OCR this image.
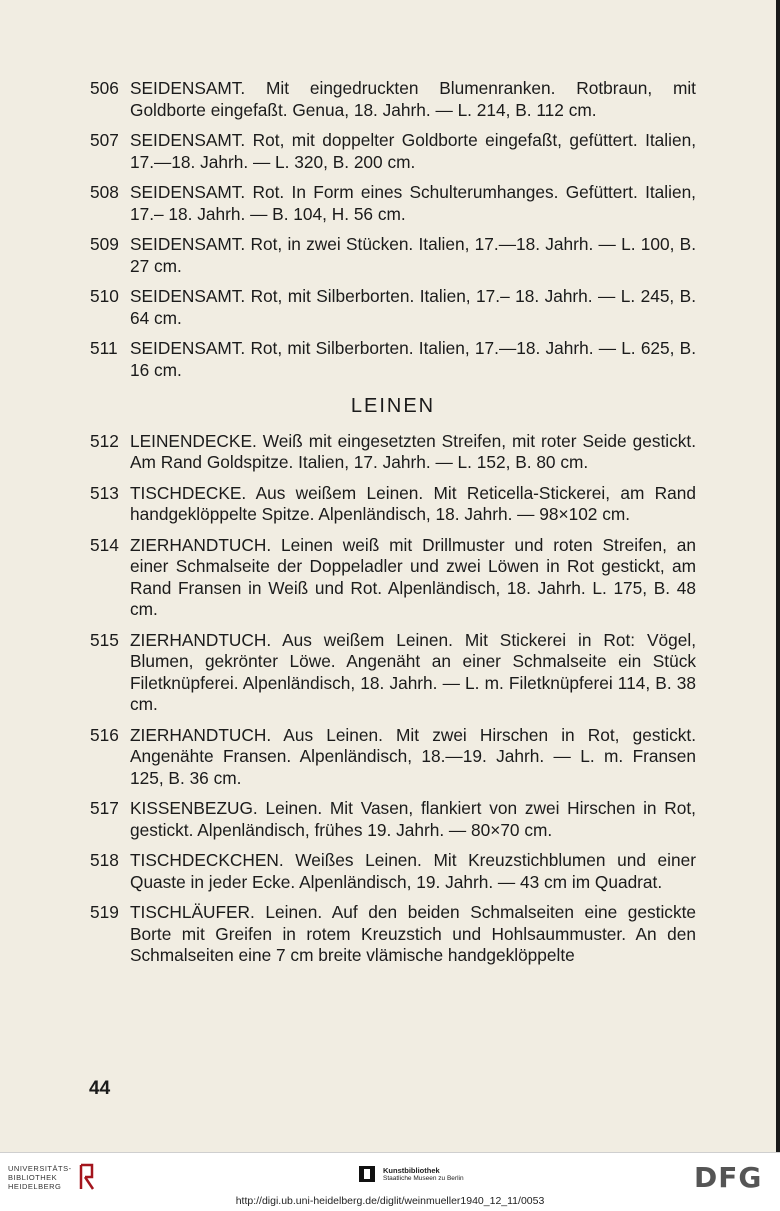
506 SEIDENSAMT. Mit eingedruckten Blumenranken. Rotbraun, mit Goldborte eingefaßt. Genua, 18. Jahrh. — L. 214, B. 112 cm.
507 SEIDENSAMT. Rot, mit doppelter Goldborte eingefaßt, gefüttert. Italien, 17.—18. Jahrh. — L. 320, B. 200 cm.
508 SEIDENSAMT. Rot. In Form eines Schulterumhanges. Gefüttert. Italien, 17.– 18. Jahrh. — B. 104, H. 56 cm.
509 SEIDENSAMT. Rot, in zwei Stücken. Italien, 17.—18. Jahrh. — L. 100, B. 27 cm.
510 SEIDENSAMT. Rot, mit Silberborten. Italien, 17.– 18. Jahrh. — L. 245, B. 64 cm.
511 SEIDENSAMT. Rot, mit Silberborten. Italien, 17.—18. Jahrh. — L. 625, B. 16 cm.
LEINEN
512 LEINENDECKE. Weiß mit eingesetzten Streifen, mit roter Seide gestickt. Am Rand Goldspitze. Italien, 17. Jahrh. — L. 152, B. 80 cm.
513 TISCHDECKE. Aus weißem Leinen. Mit Reticella-Stickerei, am Rand handgeklöppelte Spitze. Alpenländisch, 18. Jahrh. — 98×102 cm.
514 ZIERHANDTUCH. Leinen weiß mit Drillmuster und roten Streifen, an einer Schmalseite der Doppeladler und zwei Löwen in Rot gestickt, am Rand Fransen in Weiß und Rot. Alpenländisch, 18. Jahrh. L. 175, B. 48 cm.
515 ZIERHANDTUCH. Aus weißem Leinen. Mit Stickerei in Rot: Vögel, Blumen, gekrönter Löwe. Angenäht an einer Schmalseite ein Stück Filetknüpferei. Alpenländisch, 18. Jahrh. — L. m. Filetknüpferei 114, B. 38 cm.
516 ZIERHANDTUCH. Aus Leinen. Mit zwei Hirschen in Rot, gestickt. Angenähte Fransen. Alpenländisch, 18.—19. Jahrh. — L. m. Fransen 125, B. 36 cm.
517 KISSENBEZUG. Leinen. Mit Vasen, flankiert von zwei Hirschen in Rot, gestickt. Alpenländisch, frühes 19. Jahrh. — 80×70 cm.
518 TISCHDECKCHEN. Weißes Leinen. Mit Kreuzstichblumen und einer Quaste in jeder Ecke. Alpenländisch, 19. Jahrh. — 43 cm im Quadrat.
519 TISCHLÄUFER. Leinen. Auf den beiden Schmalseiten eine gestickte Borte mit Greifen in rotem Kreuzstich und Hohlsaummuster. An den Schmalseiten eine 7 cm breite vlämische handgeklöppelte
44
UNIVERSITÄTS-
BIBLIOTHEK
HEIDELBERG
Kunstbibliothek
Staatliche Museen zu Berlin	DFG
http://digi.ub.uni-heidelberg.de/diglit/weinmueller1940_12_11/0053
